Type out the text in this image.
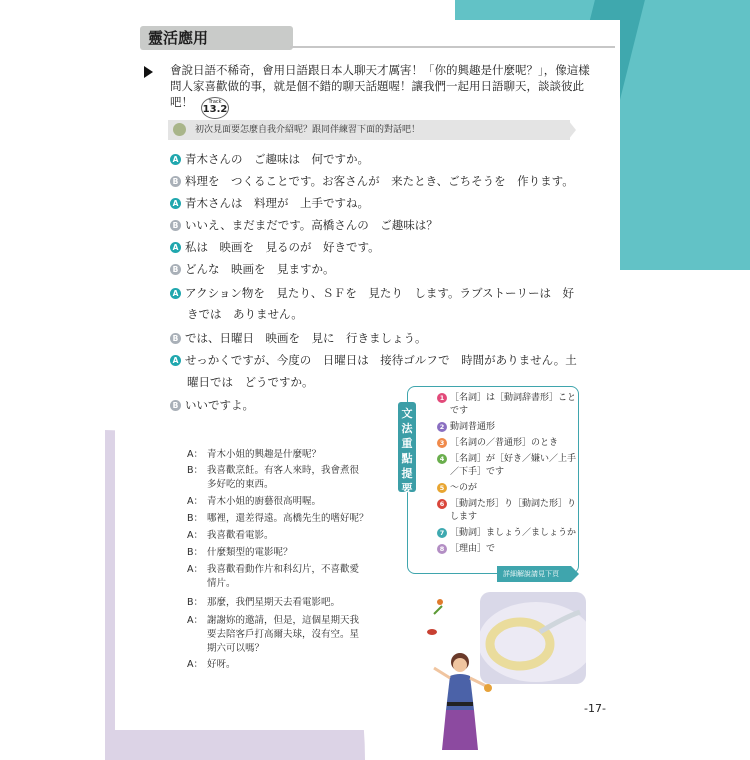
靈活應用
會說日語不稀奇，會用日語跟日本人聊天才厲害！「你的興趣是什麼呢？」，像這樣問人家喜歡做的事，就是個不錯的聊天話題喔！讓我們一起用日語聊天，談談彼此吧！	Track
13.2
初次見面要怎麼自我介紹呢？跟同伴練習下面的對話吧！
A 青木さんの　ご趣味は　何ですか。
B 料理を　つくることです。お客さんが　来たとき、ごちそうを　作ります。
A 青木さんは　料理が　上手ですね。
B いいえ、まだまだです。高橋さんの　ご趣味は？
A 私は　映画を　見るのが　好きです。
B どんな　映画を　見ますか。
A アクション物を　見たり、ＳＦを　見たり　します。ラブストーリーは　好
きでは　ありません。
B では、日曜日　映画を　見に　行きましょう。
A せっかくですが、今度の　日曜日は　接待ゴルフで　時間がありません。土
曜日では　どうですか。
B いいですよ。
A： 青木小姐的興趣是什麼呢？
B： 我喜歡烹飪。有客人來時，我會煮很
多好吃的東西。
A： 青木小姐的廚藝很高明喔。
B： 哪裡，還差得遠。高橋先生的嗜好呢？
A： 我喜歡看電影。
B： 什麼類型的電影呢？
A： 我喜歡看動作片和科幻片，不喜歡愛
情片。
B： 那麼，我們星期天去看電影吧。
A： 謝謝妳的邀請，但是，這個星期天我
要去陪客戶打高爾夫球，沒有空。星
期六可以嗎？
A： 好呀。
文
法
重
點
提
要
1 ［名詞］は［動詞辞書形］こと
です
2 動詞普通形
3 ［名詞の／普通形］のとき
4 ［名詞］が［好き／嫌い／上手
／下手］です
5 ～のが
6 ［動詞た形］り［動詞た形］り
します
7 ［動詞］ましょう／ましょうか
8 ［理由］で
詳細解說請見下頁
-17-
